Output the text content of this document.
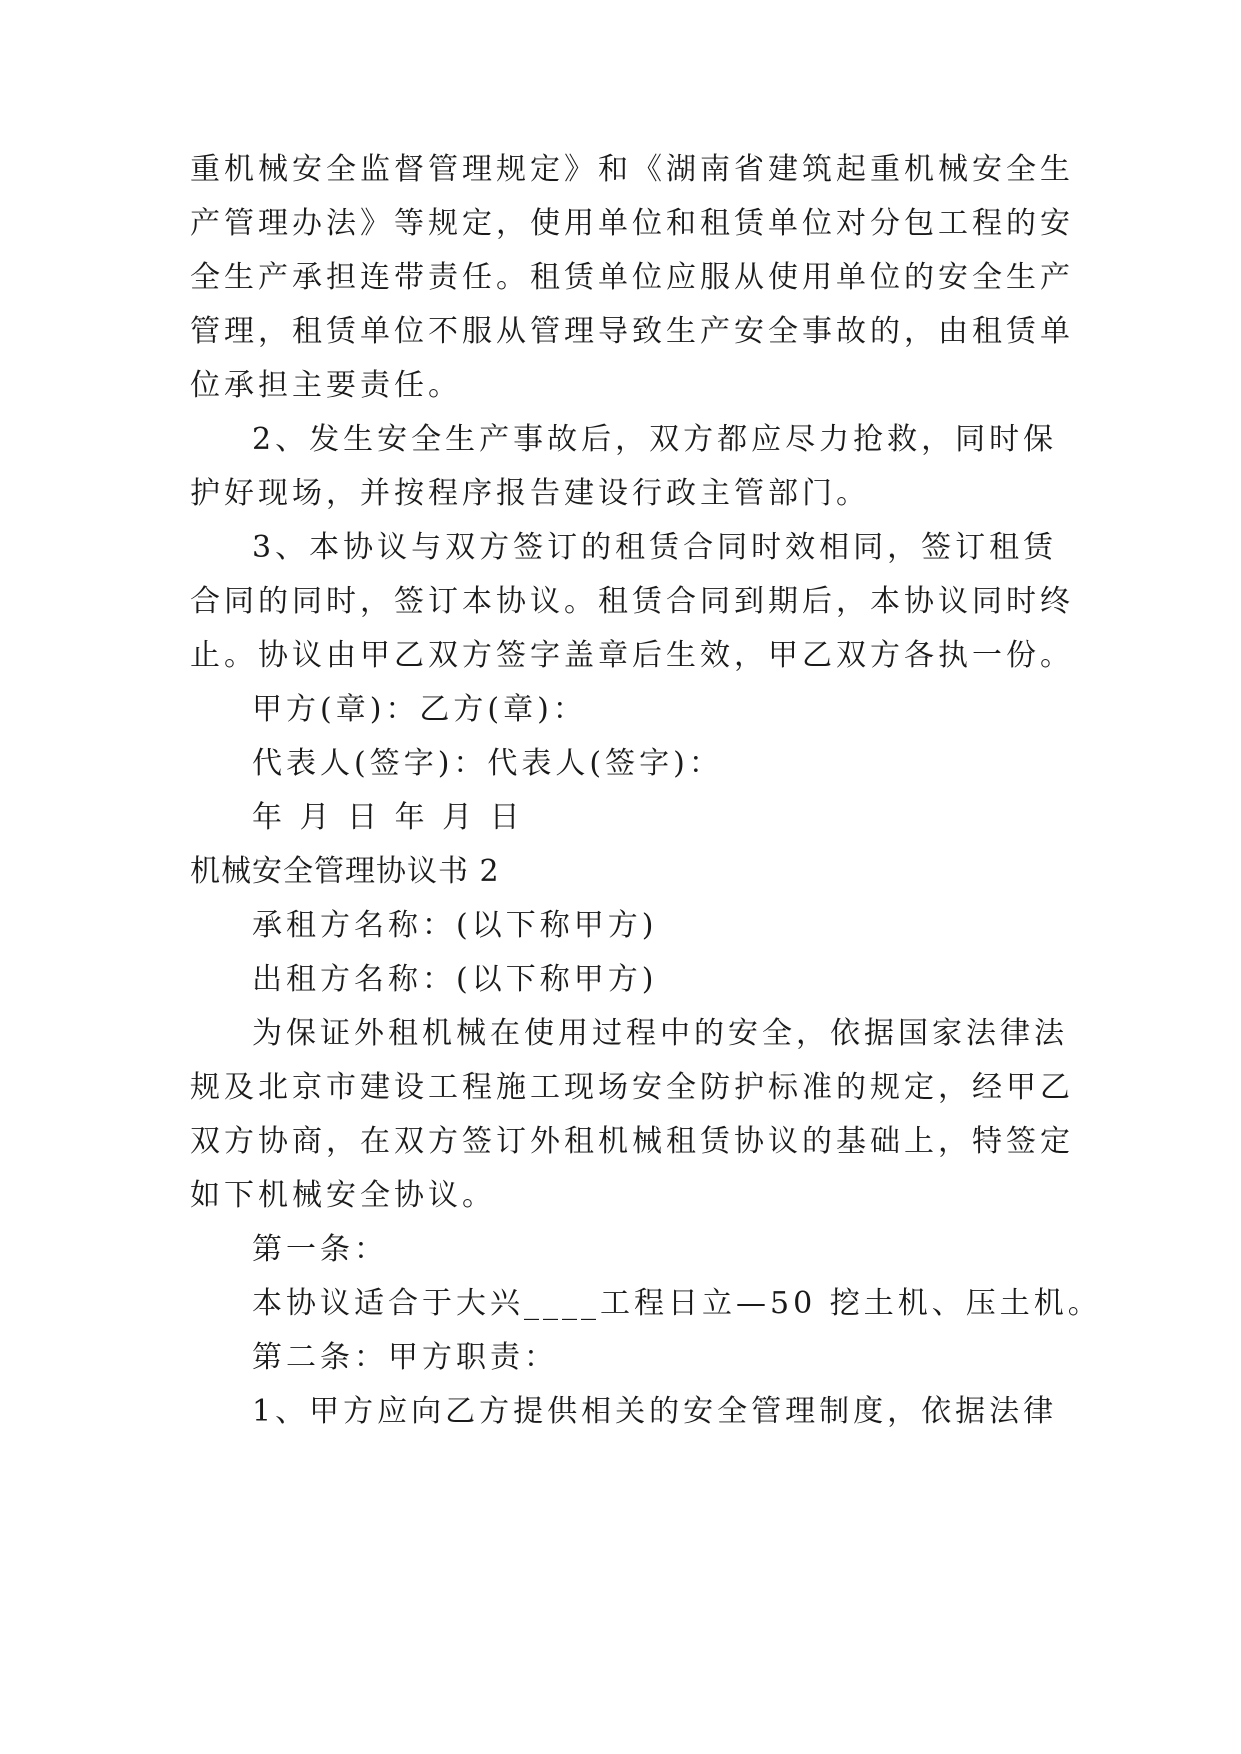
重机械安全监督管理规定》和《湖南省建筑起重机械安全生
产管理办法》等规定，使用单位和租赁单位对分包工程的安
全生产承担连带责任。租赁单位应服从使用单位的安全生产
管理，租赁单位不服从管理导致生产安全事故的，由租赁单
位承担主要责任。
2、发生安全生产事故后，双方都应尽力抢救，同时保
护好现场，并按程序报告建设行政主管部门。
3、本协议与双方签订的租赁合同时效相同，签订租赁
合同的同时，签订本协议。租赁合同到期后，本协议同时终
止。协议由甲乙双方签字盖章后生效，甲乙双方各执一份。
甲方(章)：乙方(章)：
代表人(签字)：代表人(签字)：
年 月 日 年 月 日
机械安全管理协议书 2
承租方名称：(以下称甲方)
出租方名称：(以下称甲方)
为保证外租机械在使用过程中的安全，依据国家法律法
规及北京市建设工程施工现场安全防护标准的规定，经甲乙
双方协商，在双方签订外租机械租赁协议的基础上，特签定
如下机械安全协议。
第一条：
本协议适合于大兴____工程日立—50 挖土机、压土机。
第二条：甲方职责：
1、甲方应向乙方提供相关的安全管理制度，依据法律
